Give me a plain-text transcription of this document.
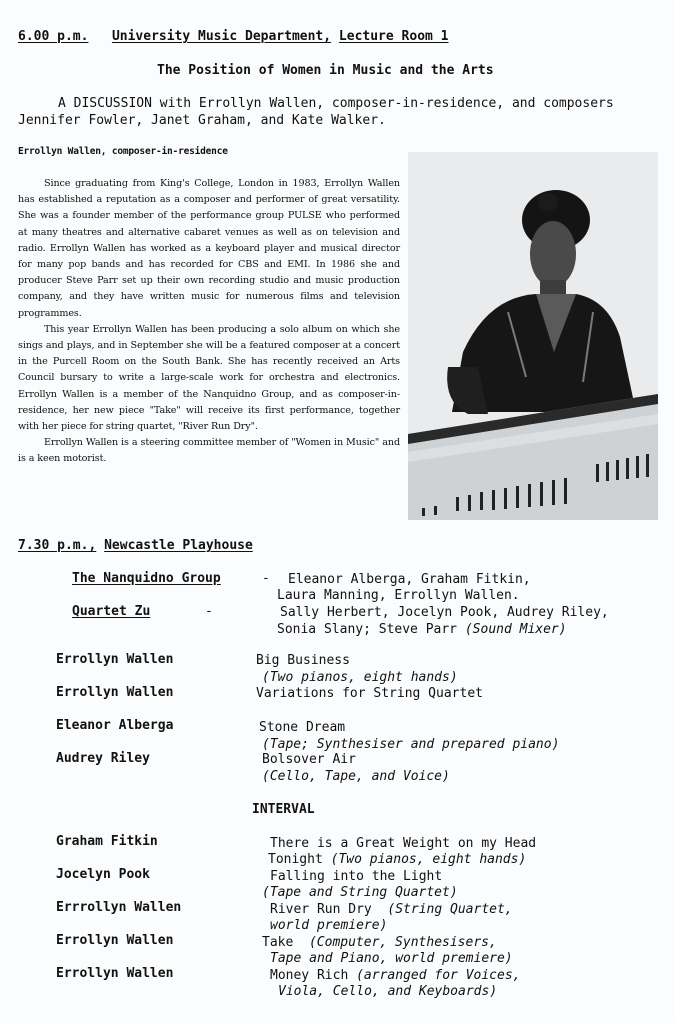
6.00 p.m. University Music Department, Lecture Room 1
The Position of Women in Music and the Arts
A DISCUSSION with Errollyn Wallen, composer-in-residence, and composers
Jennifer Fowler, Janet Graham, and Kate Walker.
Errollyn Wallen, composer-in-residence

Since graduating from King's College, London in 1983, Errollyn Wallen has established a reputation as a composer and performer of great versatility. She was a founder member of the performance group PULSE who performed at many theatres and alternative cabaret venues as well as on television and radio. Errollyn Wallen has worked as a keyboard player and musical director for many pop bands and has recorded for CBS and EMI. In 1986 she and producer Steve Parr set up their own recording studio and music production company, and they have written music for numerous films and television programmes.

This year Errollyn Wallen has been producing a solo album on which she sings and plays, and in September she will be a featured composer at a concert in the Purcell Room on the South Bank. She has recently received an Arts Council bursary to write a large-scale work for orchestra and electronics. Errollyn Wallen is a member of the Nanquidno Group, and as composer-in-residence, her new piece "Take" will receive its first performance, together with her piece for string quartet, "River Run Dry".

Errollyn Wallen is a steering committee member of "Women in Music" and is a keen motorist.

7.30 p.m., Newcastle Playhouse
The Nanquidno Group	- Eleanor Alberga, Graham Fitkin,
Laura Manning, Errollyn Wallen.
Quartet Zu	-	Sally Herbert, Jocelyn Pook, Audrey Riley,
Sonia Slany; Steve Parr (Sound Mixer)
Errollyn Wallen	Big Business
(Two pianos, eight hands)
Errollyn Wallen	Variations for String Quartet
Eleanor Alberga	Stone Dream
(Tape; Synthesiser and prepared piano)
Audrey Riley	Bolsover Air
(Cello, Tape, and Voice)
INTERVAL
Graham Fitkin	There is a Great Weight on my Head
Tonight (Two pianos, eight hands)
Jocelyn Pook	Falling into the Light
(Tape and String Quartet)
Errrollyn Wallen	River Run Dry (String Quartet,
world premiere)
Errollyn Wallen	Take (Computer, Synthesisers,
Tape and Piano, world premiere)
Errollyn Wallen	Money Rich (arranged for Voices,
Viola, Cello, and Keyboards)
